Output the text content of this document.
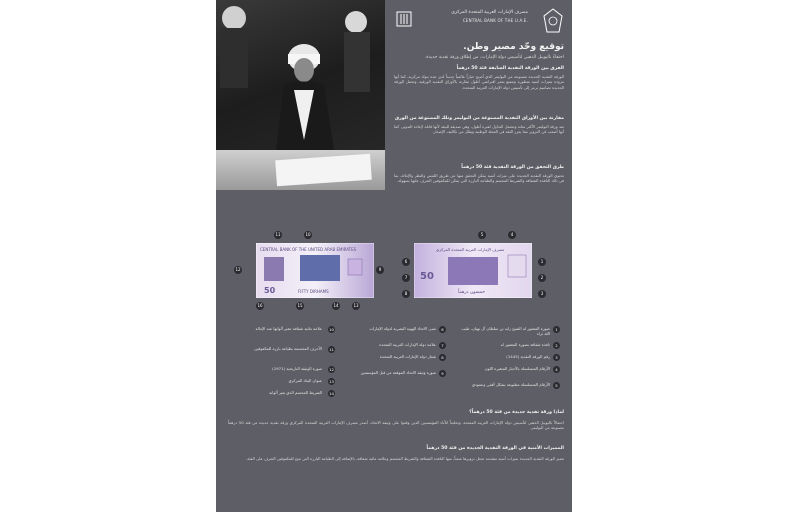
مصرف الإمارات العربية المتحدة المركزي
CENTRAL BANK OF THE U.A.E.
توقيع وحّد مصير وطن.
احتفاءً باليوبيل الذهبي لتأسيس دولة الإمارات، من إطلاق ورقة نقدية جديدة.
الفرق بين الورقة النقدية السابقة فئة 50 درهماً
الورقة النقدية الجديدة مصنوعة من البوليمر الذي أصبح خياراً عالمياً جديداً لدى عدة بنوك مركزية، كما أنها مزودة بميزات أمنية متطورة وتتمتع بعمر افتراضي أطول مقارنة بالأوراق النقدية الورقية، وتحمل الورقة الجديدة تصاميم ترمز إلى تأسيس دولة الإمارات العربية المتحدة.
مقارنة بين الأوراق النقدية المصنوعة من البوليمر وتلك المصنوعة من الورق
تعد ورقة البوليمر الأكثر متانة وتتحمل التداول لفترة أطول، وهي صديقة للبيئة لأنها قابلة لإعادة التدوير، كما أنها أصعب في التزوير مما يعزز الثقة في العملة الوطنية ويقلل من تكاليف الإصدار.
طرق التحقق من الورقة النقدية فئة 50 درهماً
تحتوي الورقة النقدية الجديدة على ميزات أمنية يمكن التحقق منها عن طريق اللمس والنظر والإمالة، بما في ذلك النافذة الشفافة والشريط المجسم والطباعة البارزة التي يمكن للمكفوفين التعرف عليها بسهولة.
CENTRAL BANK OF THE UNITED ARAB EMIRATES
50	FIFTY DIRHAMS
مصرف الإمارات العربية المتحدة المركزي
50
خمسون درهماً
12
11	10
9
16	15	14	13
6
7
8
5	4
1
2
3
1
صورة المغفور له الشيخ زايد بن سلطان آل نهيان، طيب الله ثراه
2
نافذة شفافة بصورة المغفور له
3
رقم الورقة النقدية (1445)
4
الأرقام المتسلسلة بالأحبار المتغيرة اللون
5
الأرقام المتسلسلة مطبوعة بشكل أفقي وعمودي
6
مبنى الاتحاد الهوية البصرية لدولة الإمارات
7
علامة دولة الإمارات العربية المتحدة
8
شعار دولة الإمارات العربية المتحدة
9
صورة وثيقة الاتحاد الموقعة من قبل المؤسسين
10
علامة مائية شفافة تتغير ألوانها عند الإمالة
11
الأحرف المجسمة بطباعة بارزة للمكفوفين
12
صورة الوثيقة التاريخية (1971)
13
عنوان البنك المركزي
14
الشريط المجسم الذي يغير ألوانه
لماذا ورقة نقدية جديدة من فئة 50 درهماً؟
احتفالاً باليوبيل الذهبي لتأسيس دولة الإمارات العربية المتحدة، وتخليداً للآباء المؤسسين الذين وقعوا على وثيقة الاتحاد، أصدر مصرف الإمارات العربية المتحدة المركزي ورقة نقدية جديدة من فئة 50 درهماً مصنوعة من البوليمر.
المميزات الأمنية في الورقة النقدية الجديدة من فئة 50 درهماً
تتميز الورقة النقدية الجديدة بميزات أمنية متقدمة تجعل تزويرها صعباً، منها النافذة الشفافة والشريط المجسم وعلامة مائية شفافة، بالإضافة إلى الطباعة البارزة التي تتيح للمكفوفين التعرف على الفئة.
